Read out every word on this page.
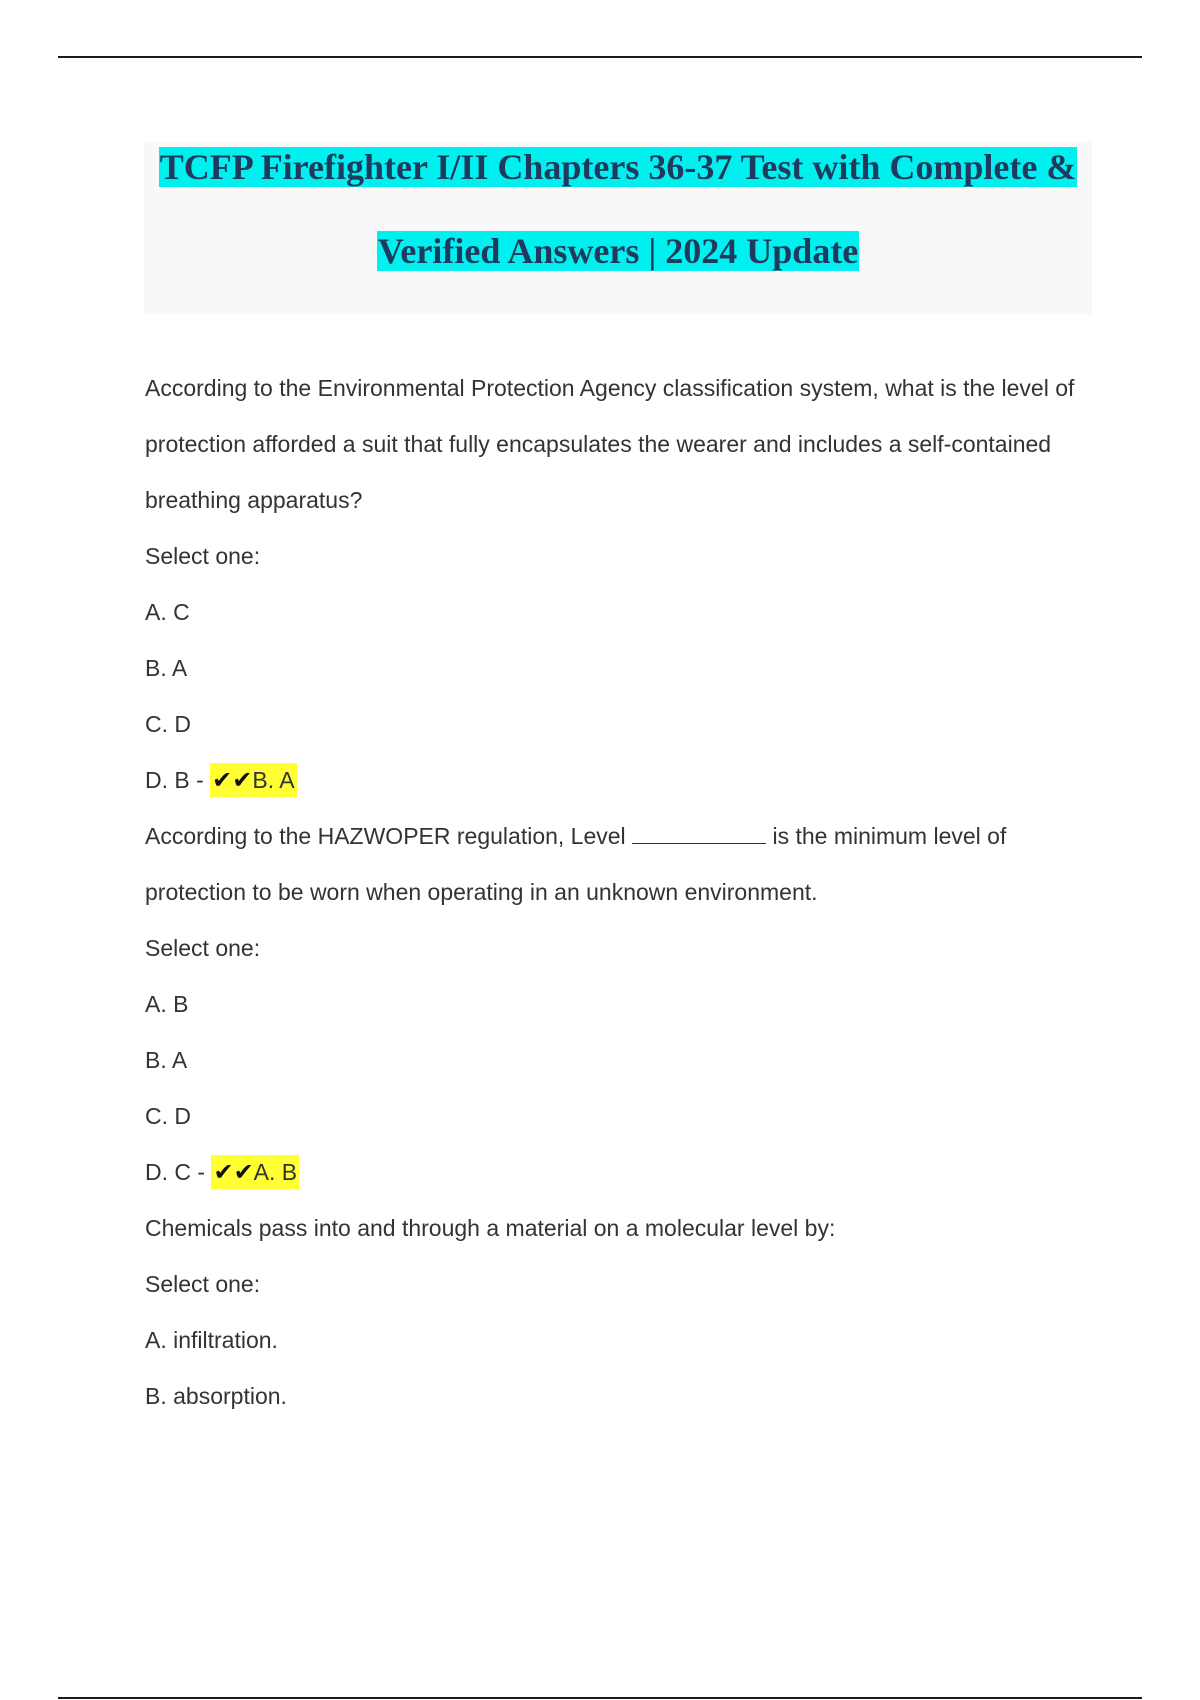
TCFP Firefighter I/II Chapters 36-37 Test with Complete &
Verified Answers | 2024 Update

According to the Environmental Protection Agency classification system, what is the level of protection afforded a suit that fully encapsulates the wearer and includes a self-contained breathing apparatus?

Select one:

A. C

B. A

C. D

D. B - ✔✔B. A

According to the HAZWOPER regulation, Level	is the minimum level of

protection to be worn when operating in an unknown environment.

Select one:

A. B

B. A

C. D

D. C - ✔✔A. B

Chemicals pass into and through a material on a molecular level by:

Select one:

A. infiltration.

B. absorption.
